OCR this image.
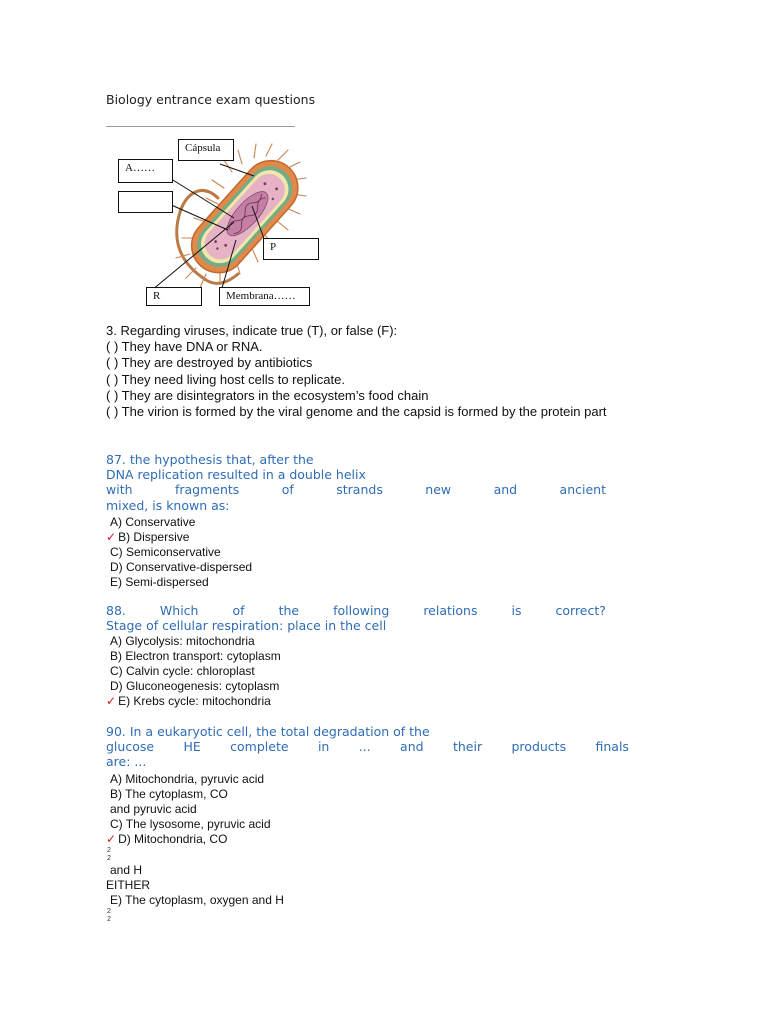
Biology entrance exam questions
Cápsula
A……
P
R	Membrana……
3. Regarding viruses, indicate true (T), or false (F):
( ) They have DNA or RNA.
( ) They are destroyed by antibiotics
( ) They need living host cells to replicate.
( ) They are disintegrators in the ecosystem’s food chain
( ) The virion is formed by the viral genome and the capsid is formed by the protein part
87. the hypothesis that, after the
DNA replication resulted in a double helix
with	fragments	of	strands	new	and	ancient
mixed, is known as:
A) Conservative
✓ B) Dispersive
C) Semiconservative
D) Conservative-dispersed
E) Semi-dispersed
88.	Which	of	the	following	relations	is	correct?
Stage of cellular respiration: place in the cell
A) Glycolysis: mitochondria
B) Electron transport: cytoplasm
C) Calvin cycle: chloroplast
D) Gluconeogenesis: cytoplasm
✓ E) Krebs cycle: mitochondria
90. In a eukaryotic cell, the total degradation of the
glucose HE complete in ... and their products finals
are: ...
A) Mitochondria, pyruvic acid
B) The cytoplasm, CO
and pyruvic acid
C) The lysosome, pyruvic acid
✓ D) Mitochondria, CO
2
2
and H
EITHER
E) The cytoplasm, oxygen and H
2
2
